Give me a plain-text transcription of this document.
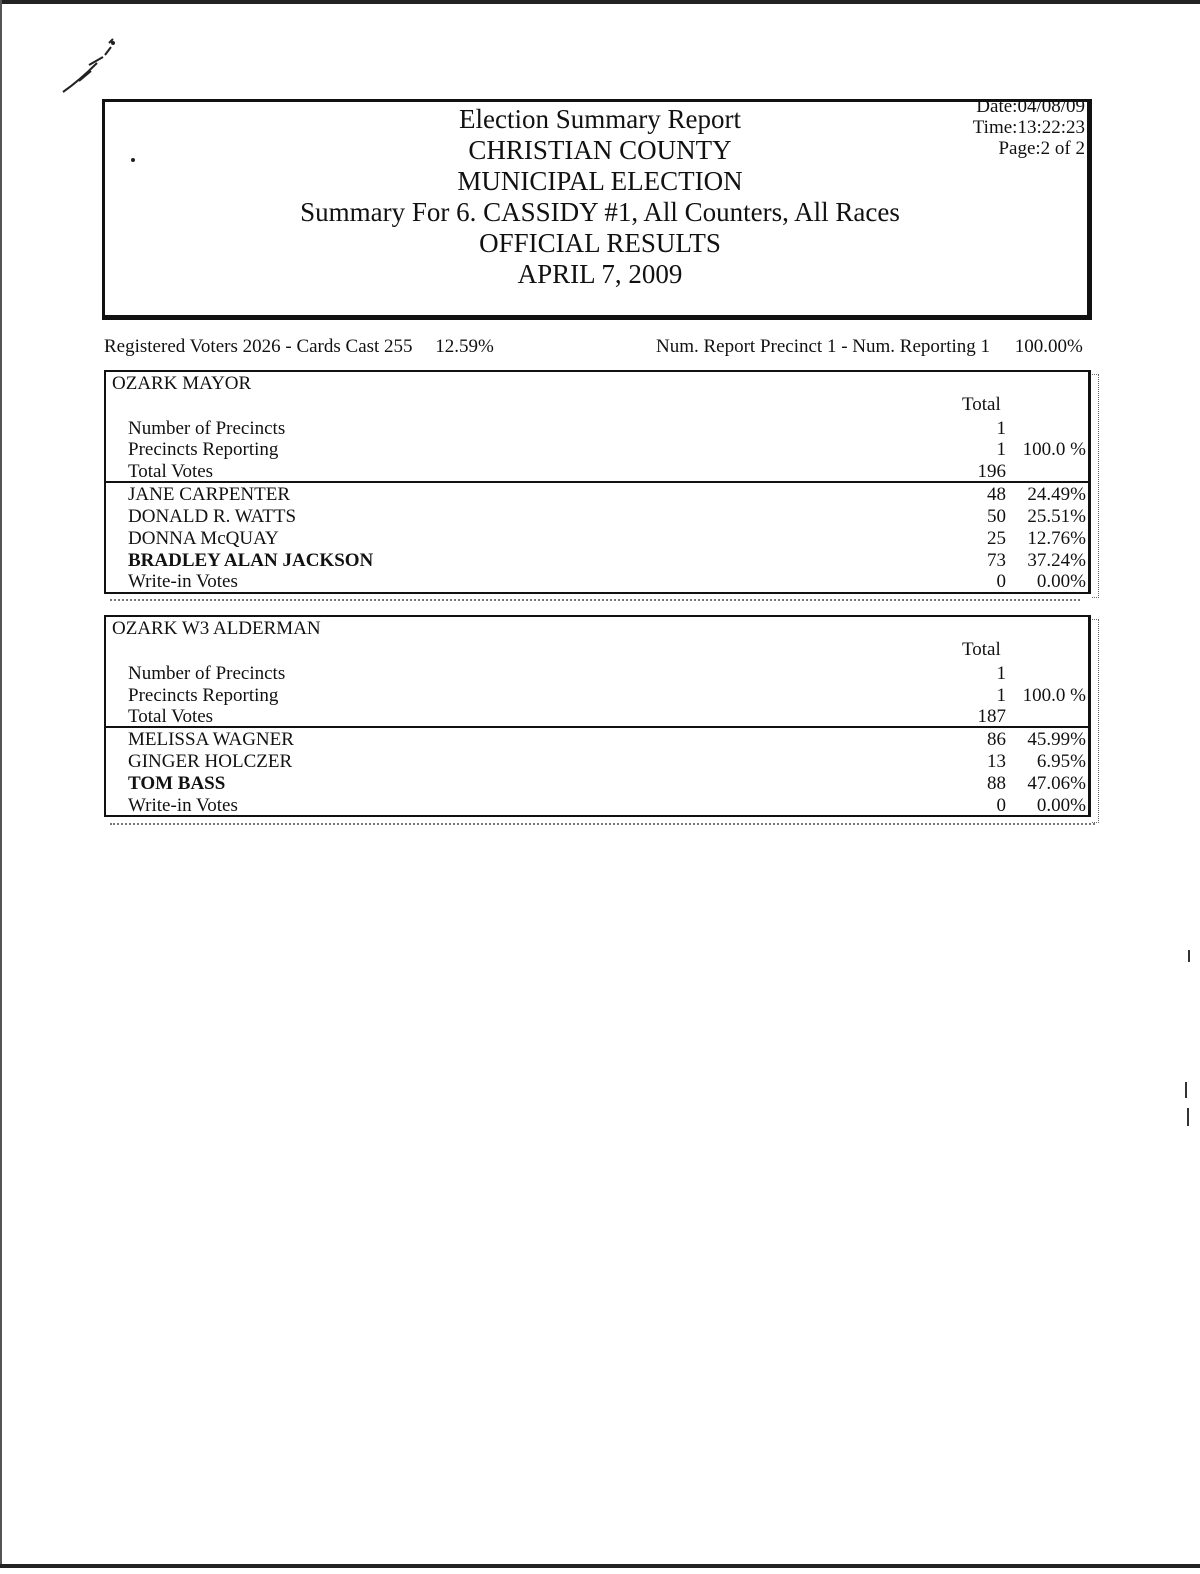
Election Summary Report
CHRISTIAN COUNTY
MUNICIPAL ELECTION
Summary For 6. CASSIDY #1, All Counters, All Races
OFFICIAL RESULTS
APRIL 7, 2009
Date:04/08/09
Time:13:22:23
Page:2 of 2
Registered Voters 2026 - Cards Cast 255 12.59%	Num. Report Precinct 1 - Num. Reporting 1 100.00%
OZARK MAYOR
Total
Number of Precincts	1
Precincts Reporting	1 100.0 %
Total Votes	196
JANE CARPENTER	48 24.49%
DONALD R. WATTS	50 25.51%
DONNA McQUAY	25 12.76%
BRADLEY ALAN JACKSON	73 37.24%
Write-in Votes	0 0.00%
OZARK W3 ALDERMAN
Total
Number of Precincts	1
Precincts Reporting	1 100.0 %
Total Votes	187
MELISSA WAGNER	86 45.99%
GINGER HOLCZER	13 6.95%
TOM BASS	88 47.06%
Write-in Votes	0 0.00%
